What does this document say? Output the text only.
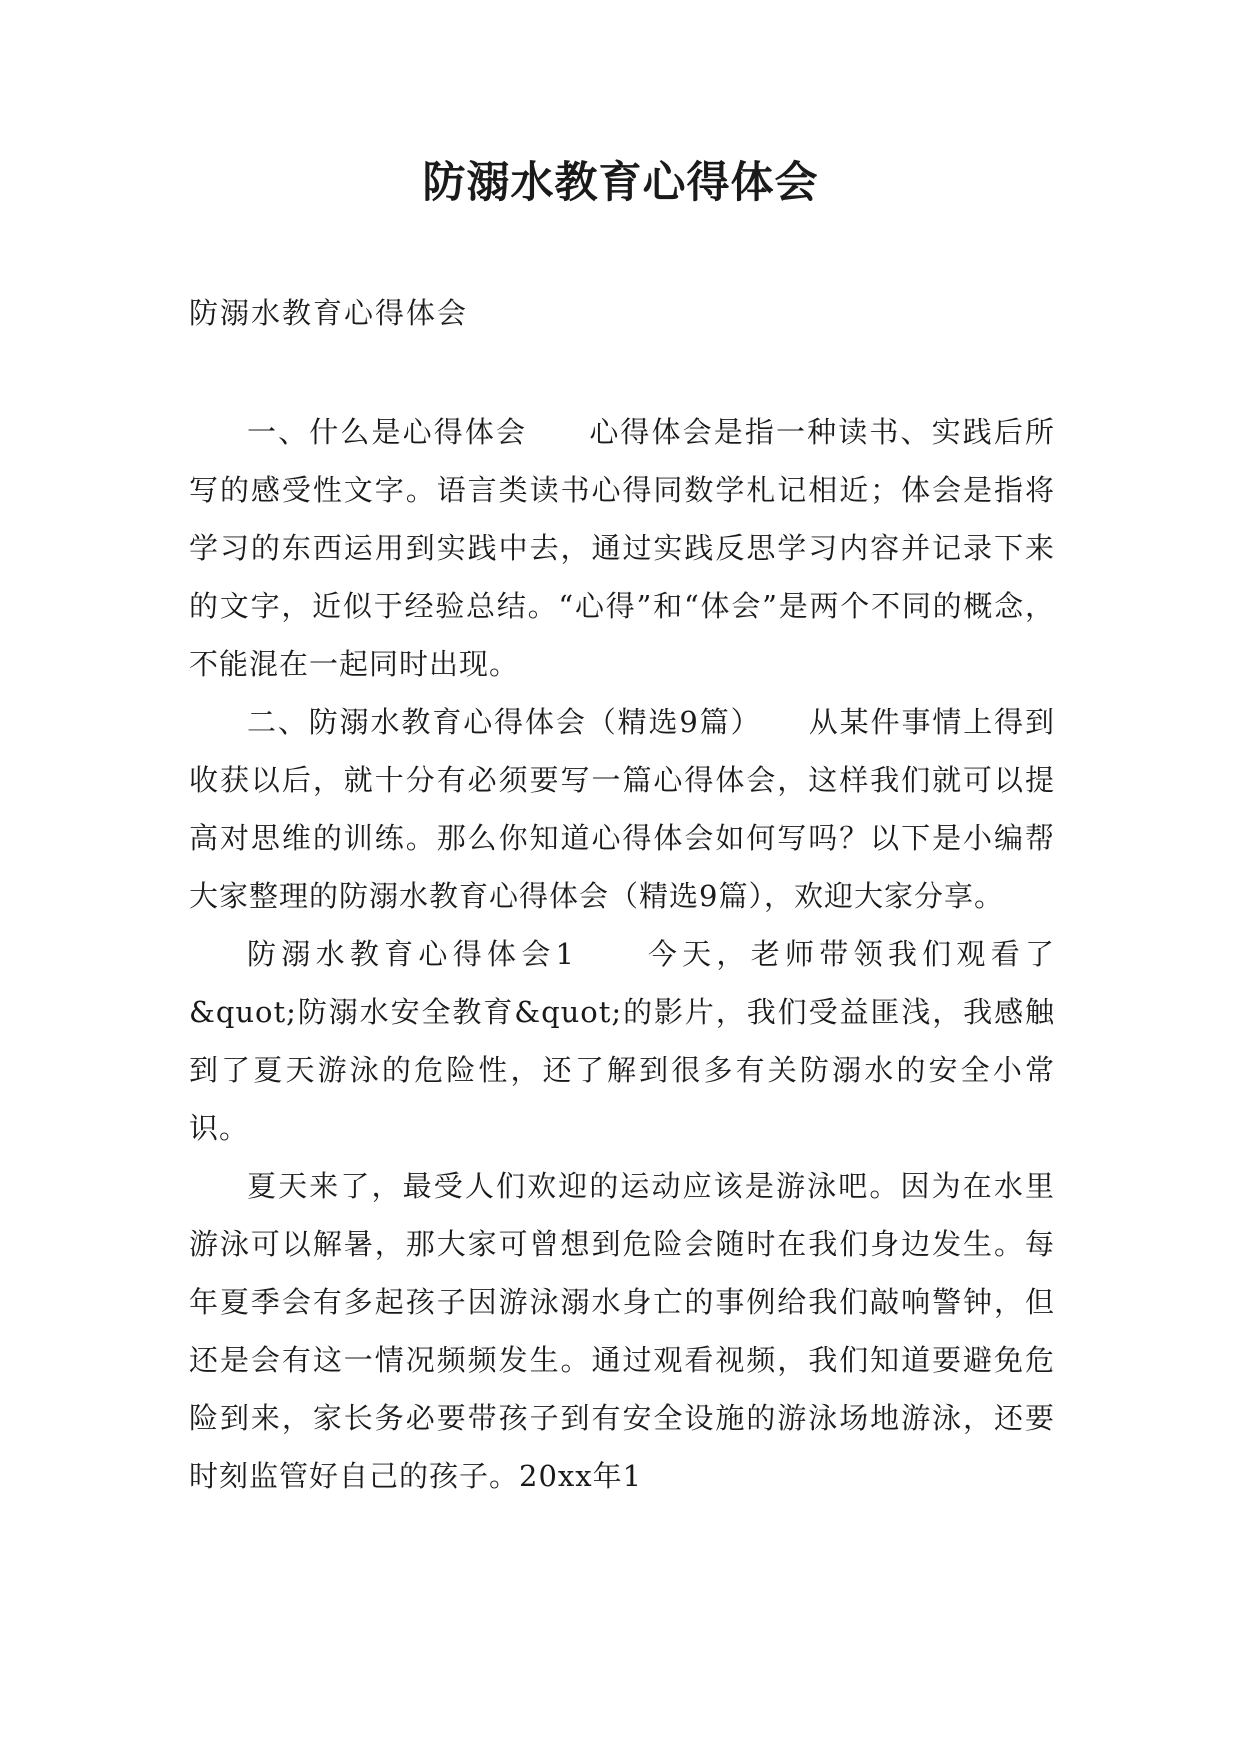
防溺水教育心得体会
防溺水教育心得体会

一、什么是心得体会　　心得体会是指一种读书、实践后所写的感受性文字。语言类读书心得同数学札记相近；体会是指将学习的东西运用到实践中去，通过实践反思学习内容并记录下来的文字，近似于经验总结。“心得”和“体会”是两个不同的概念，不能混在一起同时出现。

二、防溺水教育心得体会（精选9篇）　　从某件事情上得到收获以后，就十分有必须要写一篇心得体会，这样我们就可以提高对思维的训练。那么你知道心得体会如何写吗？以下是小编帮大家整理的防溺水教育心得体会（精选9篇），欢迎大家分享。

防溺水教育心得体会1　　今天，老师带领我们观看了&quot;防溺水安全教育&quot;的影片，我们受益匪浅，我感触到了夏天游泳的危险性，还了解到很多有关防溺水的安全小常识。

夏天来了，最受人们欢迎的运动应该是游泳吧。因为在水里游泳可以解暑，那大家可曾想到危险会随时在我们身边发生。每年夏季会有多起孩子因游泳溺水身亡的事例给我们敲响警钟，但还是会有这一情况频频发生。通过观看视频，我们知道要避免危险到来，家长务必要带孩子到有安全设施的游泳场地游泳，还要时刻监管好自己的孩子。20xx年1
